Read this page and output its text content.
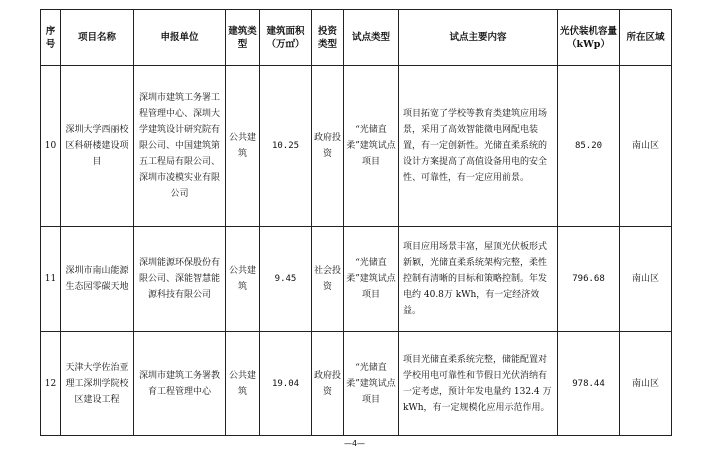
序号	项目名称	申报单位	建筑类型	建筑面积（万㎡）	投资类型	试点类型	试点主要内容	光伏装机容量（kWp）	所在区域
10	深圳大学西丽校区科研楼建设项目	深圳市建筑工务署工程管理中心、深圳大学建筑设计研究院有限公司、中国建筑第五工程局有限公司、深圳市凌模实业有限公司	公共建筑	10.25	政府投资	“光储直柔”建筑试点项目	项目拓宽了学校等教育类建筑应用场景，采用了高效智能微电网配电装置，有一定创新性。光储直柔系统的设计方案提高了高值设备用电的安全性、可靠性，有一定应用前景。	85.20	南山区
11	深圳市南山能源生态园零碳天地	深圳能源环保股份有限公司、深能智慧能源科技有限公司	公共建筑	9.45	社会投资	“光储直柔”建筑试点项目	项目应用场景丰富，屋顶光伏板形式新颖，光储直柔系统架构完整，柔性控制有清晰的目标和策略控制。年发电约 40.8万 kWh，有一定经济效益。	796.68	南山区
12	天津大学佐治亚理工深圳学院校区建设工程	深圳市建筑工务署教育工程管理中心	公共建筑	19.04	政府投资	“光储直柔”建筑试点项目	项目光储直柔系统完整，储能配置对学校用电可靠性和节假日光伏消纳有一定考虑，预计年发电量约 132.4 万 kWh，有一定规模化应用示范作用。	978.44	南山区
—4—
